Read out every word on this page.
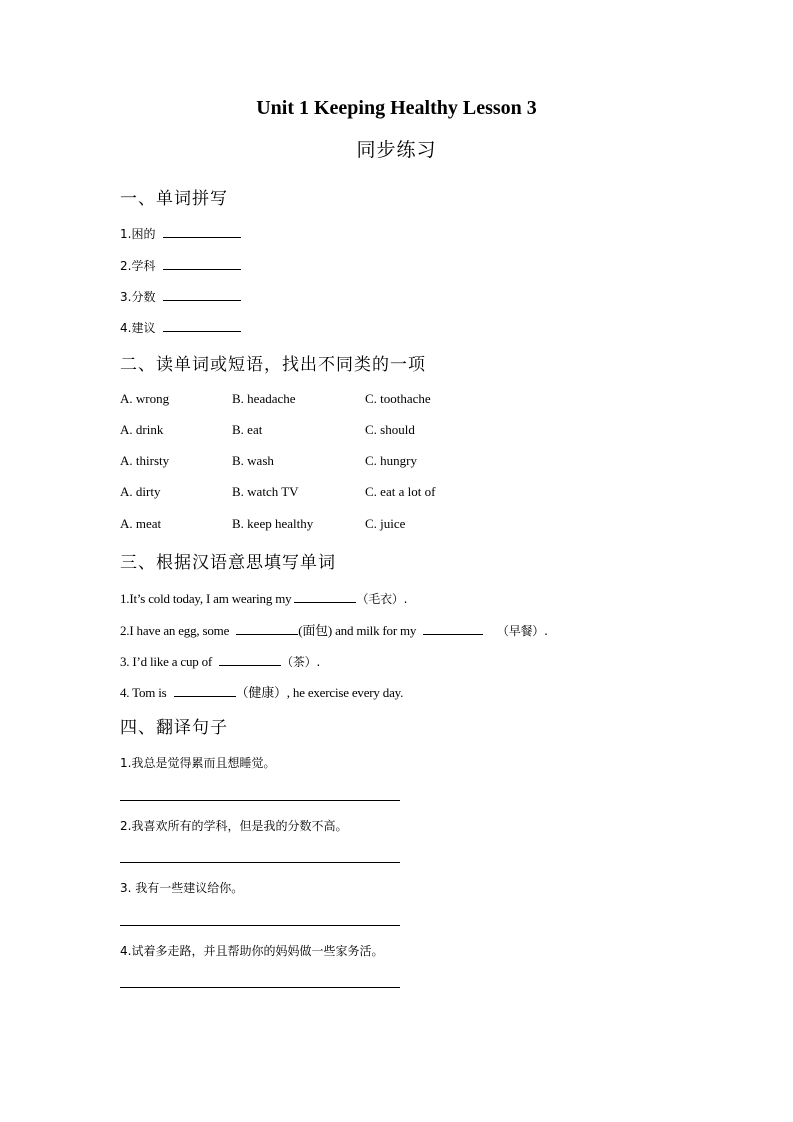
Unit 1 Keeping Healthy Lesson 3
同步练习
一、单词拼写
1.困的
2.学科
3.分数
4.建议
二、读单词或短语，找出不同类的一项
A. wrong	B. headache	C. toothache
A. drink	B. eat	C. should
A. thirsty	B. wash	C. hungry
A. dirty	B. watch TV	C. eat a lot of
A. meat	B. keep healthy	C. juice
三、根据汉语意思填写单词
1.It’s cold today, I am wearing my	（毛衣）.
2.I have an egg, some	(面包) and milk for my	（早餐）.
3. I’d like a cup of	（茶）.
4. Tom is	（健康）, he exercise every day.
四、翻译句子
1.我总是觉得累而且想睡觉。
2.我喜欢所有的学科，但是我的分数不高。
3. 我有一些建议给你。
4.试着多走路，并且帮助你的妈妈做一些家务活。
